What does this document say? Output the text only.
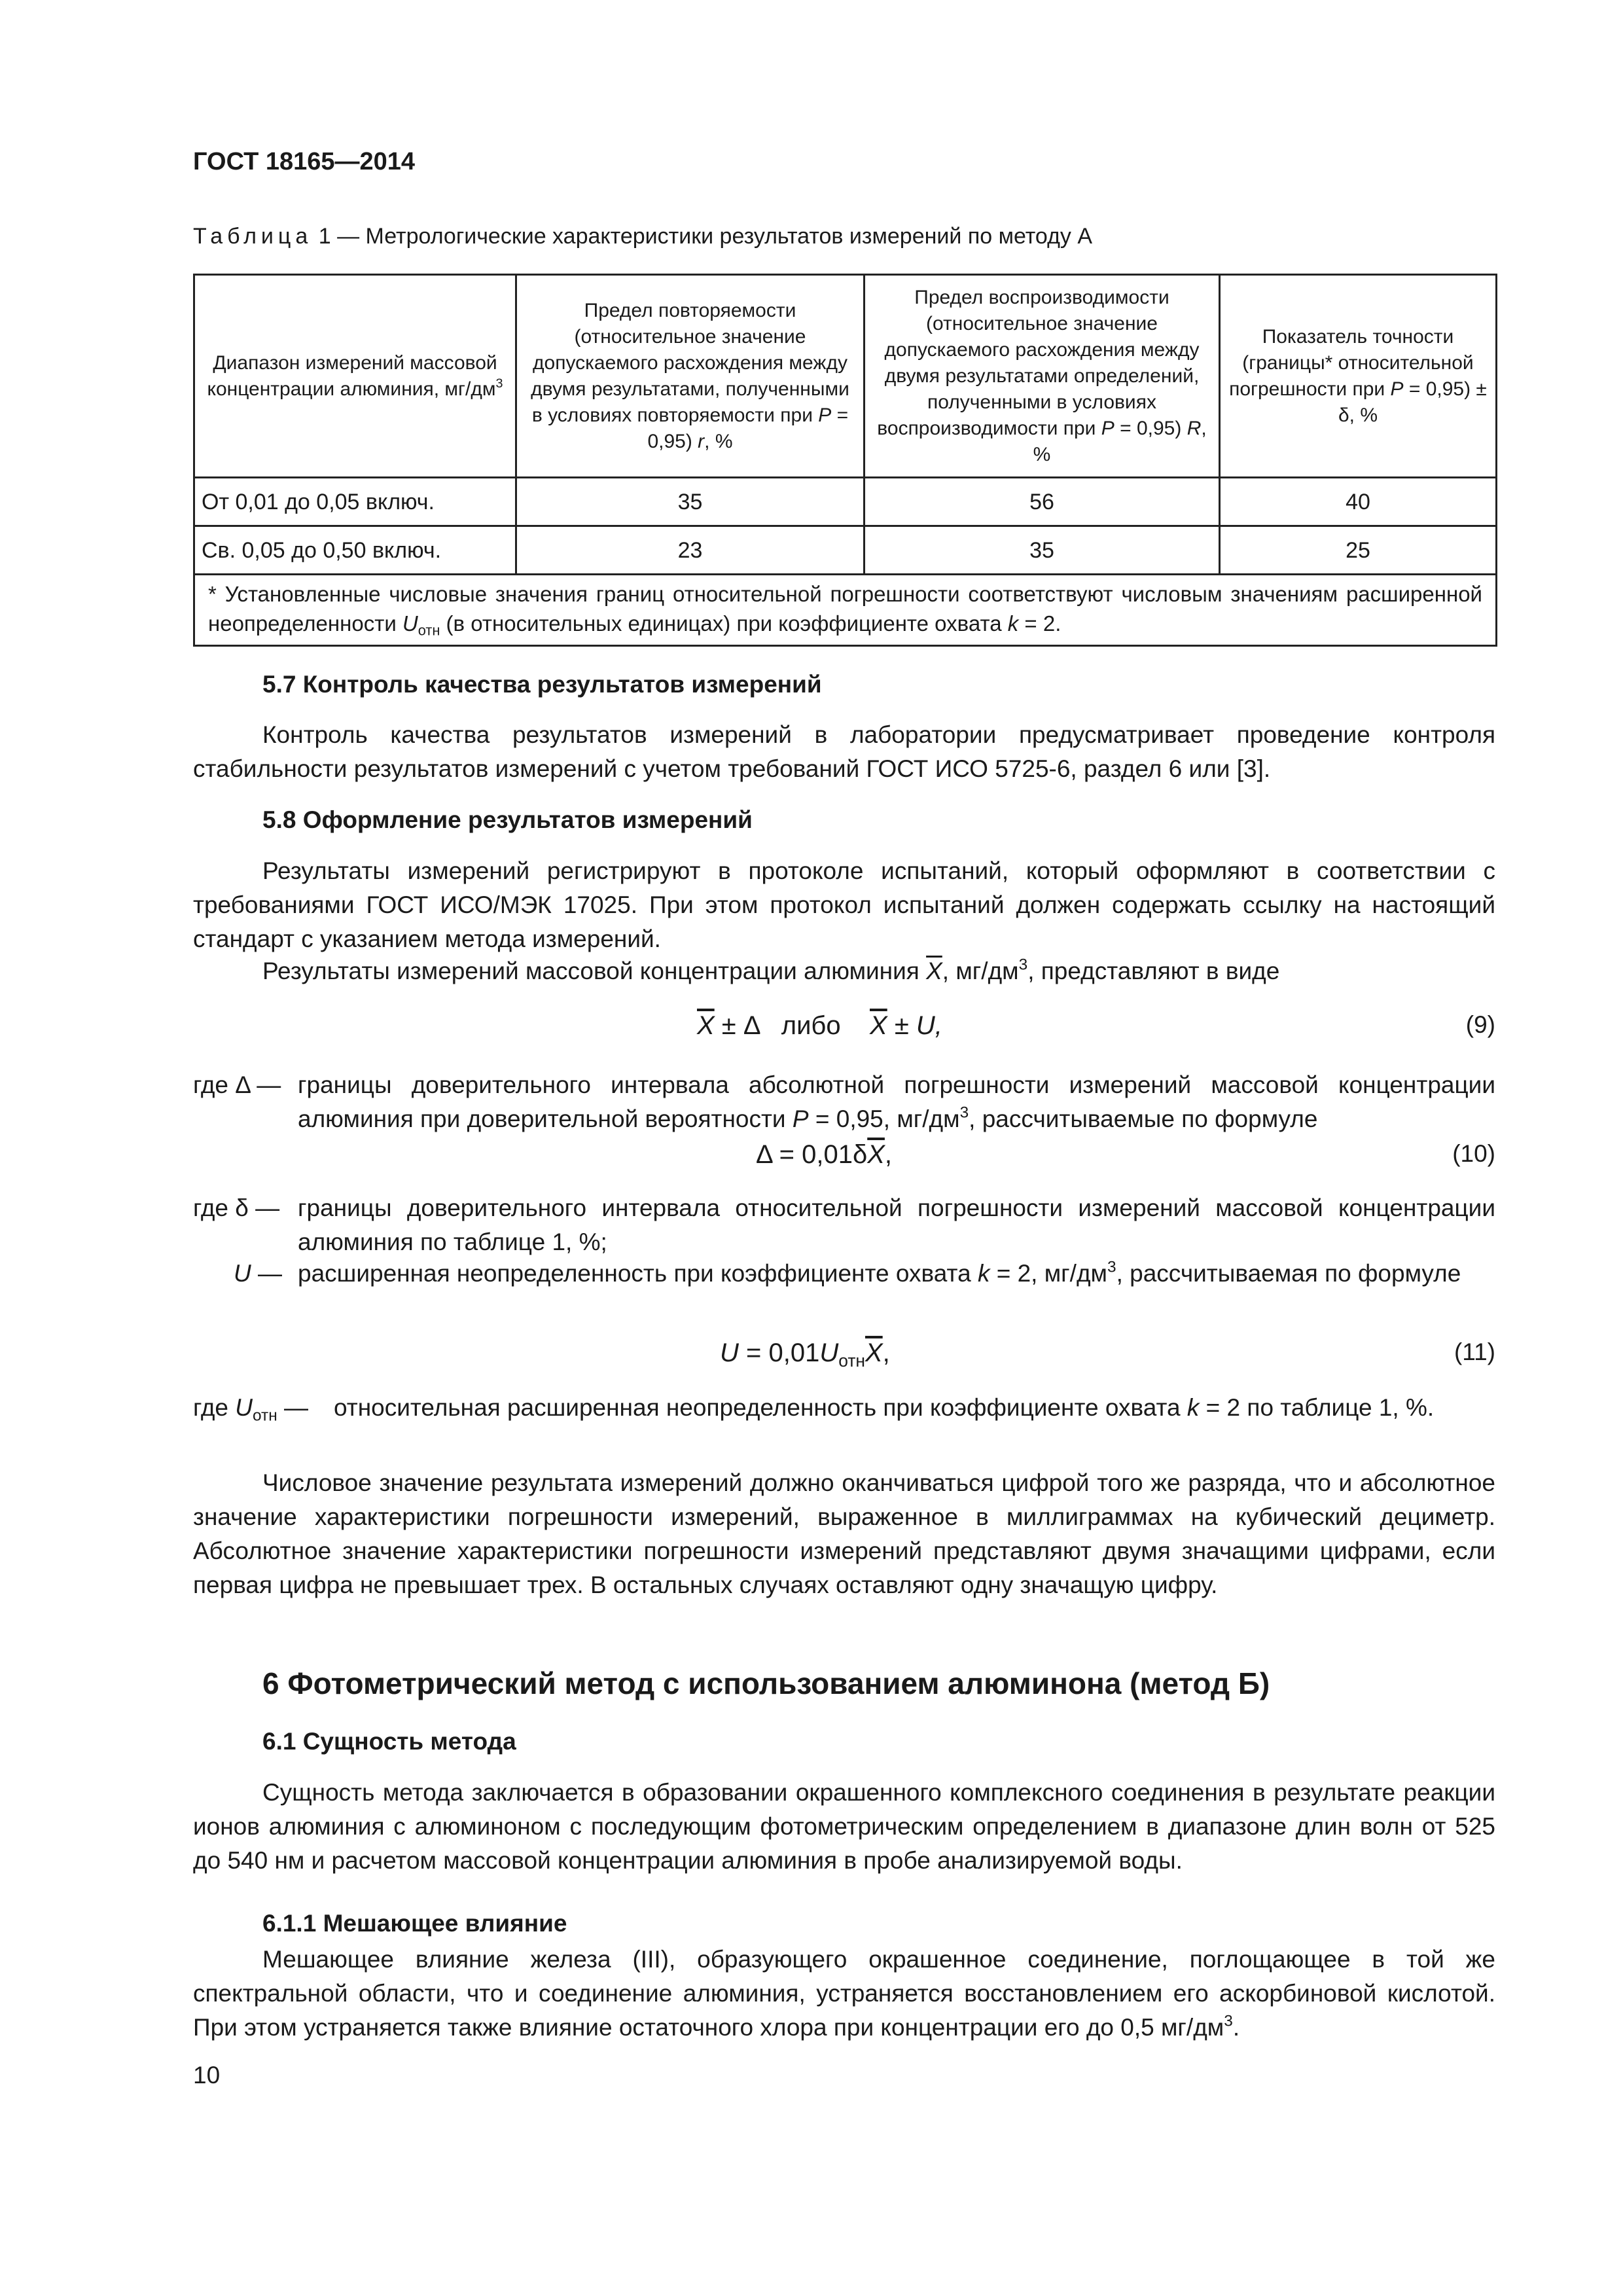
ГОСТ 18165—2014
Таблица 1 — Метрологические характеристики результатов измерений по методу А
Диапазон измерений массовой концентрации алюминия, $мг/дм^3$	Предел повторяемости (относительное значение допускаемого расхождения между двумя результатами, полученными в условиях повторяемости при P = 0,95) r, %	Предел воспроизводимости (относительное значение допускаемого расхождения между двумя результатами определений, полученными в условиях воспроизводимости при P = 0,95) R, %	Показатель точности (границы* относительной погрешности при P = 0,95) ± δ, %
От 0,01 до 0,05 включ.	35	56	40
Св. 0,05 до 0,50 включ.	23	35	25
* Установленные числовые значения границ относительной погрешности соответствуют числовым значениям расширенной неопределенности $U_{отн}$ (в относительных единицах) при коэффициенте охвата k = 2.			
5.7 Контроль качества результатов измерений
Контроль качества результатов измерений в лаборатории предусматривает проведение контроля стабильности результатов измерений с учетом требований ГОСТ ИСО 5725-6, раздел 6 или [3].
5.8 Оформление результатов измерений
Результаты измерений регистрируют в протоколе испытаний, который оформляют в соответствии с требованиями ГОСТ ИСО/МЭК 17025. При этом протокол испытаний должен содержать ссылку на настоящий стандарт с указанием метода измерений.
Результаты измерений массовой концентрации алюминия $\overline{X}$, $мг/дм^3$, представляют в виде
$\overline{X} \pm \Delta$   либо $\overline{X} \pm U$,	(9)
где Δ — границы доверительного интервала абсолютной погрешности измерений массовой концентрации алюминия при доверительной вероятности P = 0,95, $мг/дм^3$, рассчитываемые по формуле
$\Delta = 0,01\delta\overline{X}$,	(10)
где δ — границы доверительного интервала относительной погрешности измерений массовой концентрации алюминия по таблице 1, %;
U — расширенная неопределенность при коэффициенте охвата k = 2, $мг/дм^3$, рассчитываемая по формуле
$U = 0,01U_{отн}\overline{X}$,	(11)
где $U_{отн}$ — относительная расширенная неопределенность при коэффициенте охвата k = 2 по таблице 1, %.
Числовое значение результата измерений должно оканчиваться цифрой того же разряда, что и абсолютное значение характеристики погрешности измерений, выраженное в миллиграммах на кубический дециметр. Абсолютное значение характеристики погрешности измерений представляют двумя значащими цифрами, если первая цифра не превышает трех. В остальных случаях оставляют одну значащую цифру.
6 Фотометрический метод с использованием алюминона (метод Б)
6.1 Сущность метода
Сущность метода заключается в образовании окрашенного комплексного соединения в результате реакции ионов алюминия с алюминоном с последующим фотометрическим определением в диапазоне длин волн от 525 до 540 нм и расчетом массовой концентрации алюминия в пробе анализируемой воды.
6.1.1 Мешающее влияние
Мешающее влияние железа (III), образующего окрашенное соединение, поглощающее в той же спектральной области, что и соединение алюминия, устраняется восстановлением его аскорбиновой кислотой. При этом устраняется также влияние остаточного хлора при концентрации его до 0,5 $мг/дм^3$.
10
